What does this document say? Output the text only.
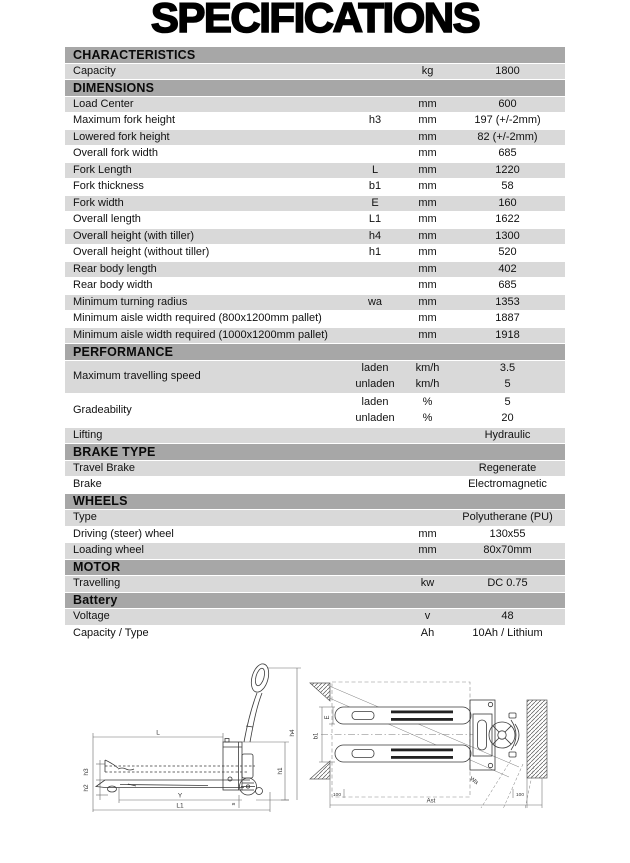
SPECIFICATIONS
CHARACTERISTICS
Capacity	kg	1800
DIMENSIONS
Load Center	mm	600
Maximum fork height	h3	mm	197 (+/-2mm)
Lowered fork height	mm	82 (+/-2mm)
Overall fork width	mm	685
Fork Length	L	mm	1220
Fork thickness	b1	mm	58
Fork width	E	mm	160
Overall length	L1	mm	1622
Overall height (with tiller)	h4	mm	1300
Overall height (without tiller)	h1	mm	520
Rear body length	mm	402
Rear body width	mm	685
Minimum turning radius	wa	mm	1353
Minimum aisle width required (800x1200mm pallet)	mm	1887
Minimum aisle width required (1000x1200mm pallet)	mm	1918
PERFORMANCE
Maximum travelling speed
laden	km/h	3.5
unladen	km/h	5
Gradeability
laden	%	5
unladen	%	20
Lifting	Hydraulic
BRAKE TYPE
Travel Brake	Regenerate
Brake	Electromagnetic
WHEELS
Type	Polyutherane (PU)
Driving (steer) wheel	mm	130x55
Loading wheel	mm	80x70mm
MOTOR
Travelling	kw	DC 0.75
Battery
Voltage	v	48
Capacity / Type	Ah	10Ah / Lithium
L
h3
h2
Y
L1
h1
h4
s
E
b1
Wa
Ast
100	100
